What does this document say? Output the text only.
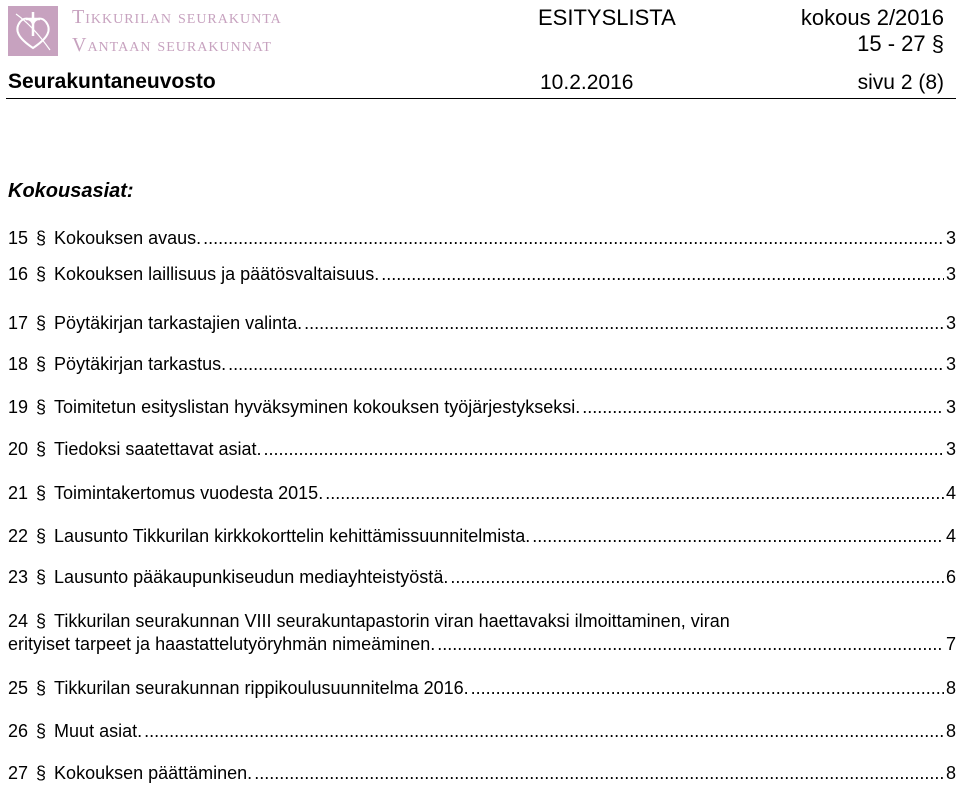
Tikkurilan seurakunta
Vantaan seurakunnat
ESITYSLISTA	kokous 2/2016
15 - 27 §
Seurakuntaneuvosto	10.2.2016	sivu 2 (8)
Kokousasiat:
15 § Kokouksen avaus. .....	3
16 § Kokouksen laillisuus ja päätösvaltaisuus. .....	3
17 § Pöytäkirjan tarkastajien valinta. .....	3
18 § Pöytäkirjan tarkastus. .....	3
19 § Toimitetun esityslistan hyväksyminen kokouksen työjärjestykseksi. .....	3
20 § Tiedoksi saatettavat asiat. .....	3
21 § Toimintakertomus vuodesta 2015. .....	4
22 § Lausunto Tikkurilan kirkkokorttelin kehittämissuunnitelmista. .....	4
23 § Lausunto pääkaupunkiseudun mediayhteistyöstä. .....	6
24 § Tikkurilan seurakunnan VIII seurakuntapastorin viran haettavaksi ilmoittaminen, viran
erityiset tarpeet ja haastattelutyöryhmän nimeäminen. .....	7
25 § Tikkurilan seurakunnan rippikoulusuunnitelma 2016. .....	8
26 § Muut asiat. .....	8
27 § Kokouksen päättäminen. .....	8
